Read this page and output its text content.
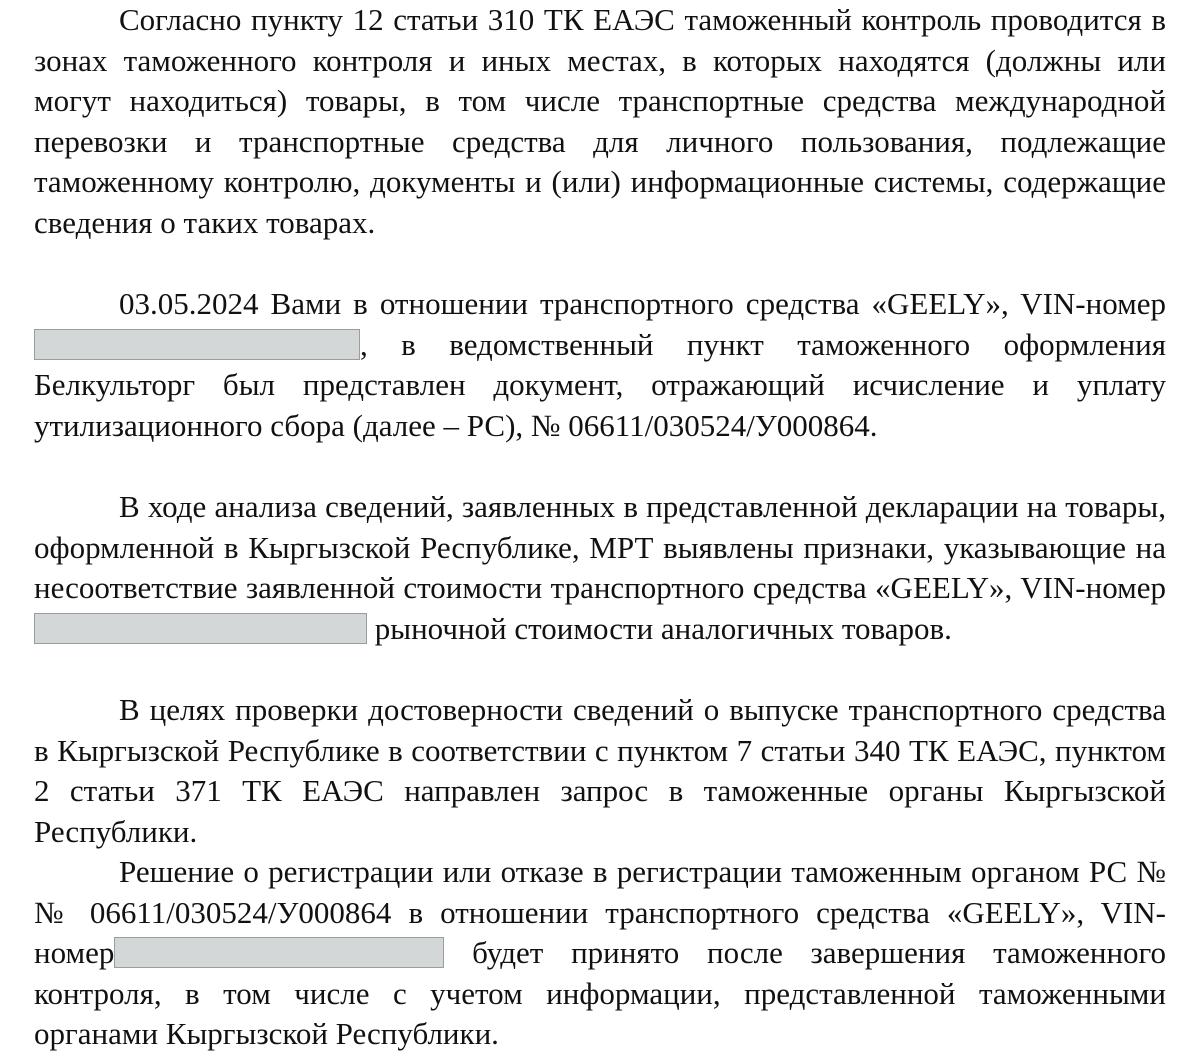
Согласно пункту 12 статьи 310 ТК ЕАЭС таможенный контроль проводится в зонах таможенного контроля и иных местах, в которых находятся (должны или могут находиться) товары, в том числе транспортные средства международной перевозки и транспортные средства для личного пользования, подлежащие таможенному контролю, документы и (или) информационные системы, содержащие сведения о таких товарах.
03.05.2024 Вами в отношении транспортного средства «GEELY», VIN-номер , в ведомственный пункт таможенного оформления Белкульторг был представлен документ, отражающий исчисление и уплату утилизационного сбора (далее – РС), № 06611/030524/У000864.
В ходе анализа сведений, заявленных в представленной декларации на товары, оформленной в Кыргызской Республике, МРТ выявлены признаки, указывающие на несоответствие заявленной стоимости транспортного средства «GEELY», VIN-номер  рыночной стоимости аналогичных товаров.
В целях проверки достоверности сведений о выпуске транспортного средства в Кыргызской Республике в соответствии с пунктом 7 статьи 340 ТК ЕАЭС, пунктом 2 статьи 371 ТК ЕАЭС направлен запрос в таможенные органы Кыргызской Республики.
Решение о регистрации или отказе в регистрации таможенным органом РС № № 06611/030524/У000864 в отношении транспортного средства «GEELY», VIN-номер	будет принято после завершения таможенного контроля, в том числе с учетом информации, представленной таможенными органами Кыргызской Республики.
